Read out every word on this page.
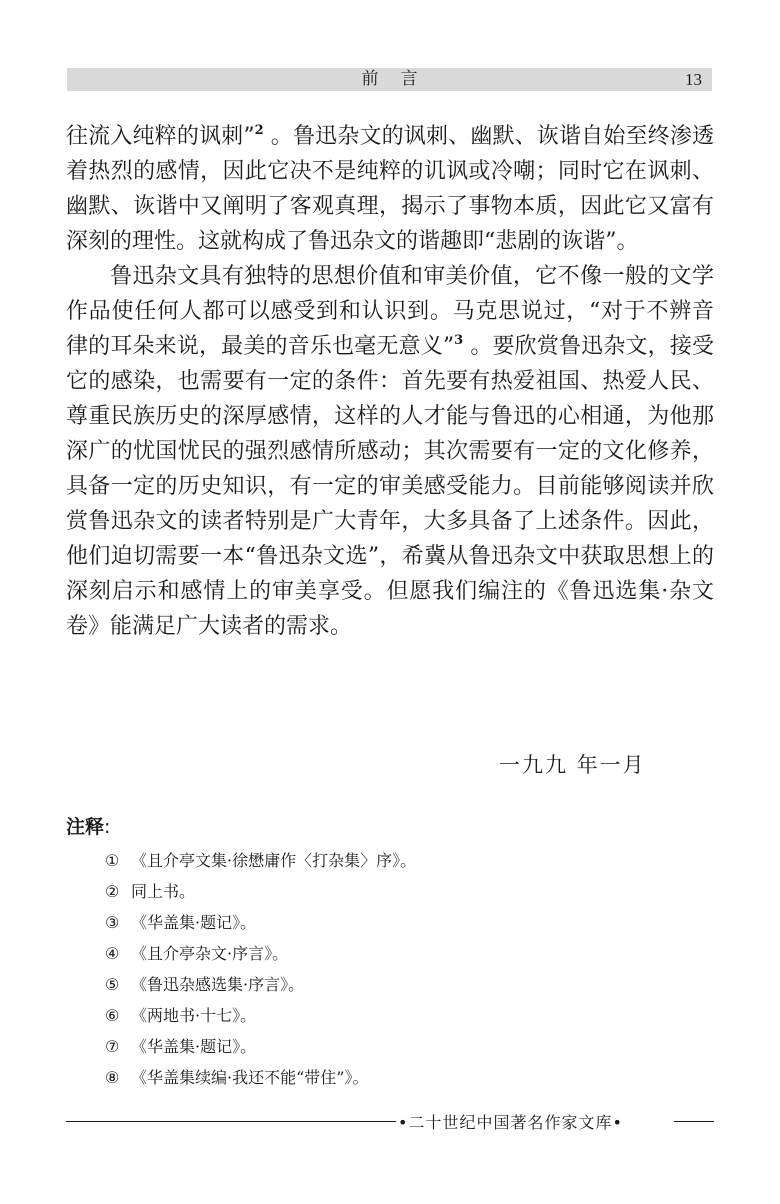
前言	13

往流入纯粹的讽刺”$^2$ 。鲁迅杂文的讽刺、幽默、诙谐自始至终渗透着热烈的感情，因此它决不是纯粹的讥讽或冷嘲；同时它在讽刺、幽默、诙谐中又阐明了客观真理，揭示了事物本质，因此它又富有深刻的理性。这就构成了鲁迅杂文的谐趣即“悲剧的诙谐”。

鲁迅杂文具有独特的思想价值和审美价值，它不像一般的文学作品使任何人都可以感受到和认识到。马克思说过，“对于不辨音律的耳朵来说，最美的音乐也毫无意义”$^3$ 。要欣赏鲁迅杂文，接受它的感染，也需要有一定的条件：首先要有热爱祖国、热爱人民、尊重民族历史的深厚感情，这样的人才能与鲁迅的心相通，为他那深广的忧国忧民的强烈感情所感动；其次需要有一定的文化修养，具备一定的历史知识，有一定的审美感受能力。目前能够阅读并欣赏鲁迅杂文的读者特别是广大青年，大多具备了上述条件。因此，他们迫切需要一本“鲁迅杂文选”，希冀从鲁迅杂文中获取思想上的深刻启示和感情上的审美享受。但愿我们编注的《鲁迅选集·杂文卷》能满足广大读者的需求。

一九九 年一月
注释:
① 《且介亭文集·徐懋庸作〈打杂集〉序》。
② 同上书。
③ 《华盖集·题记》。
④ 《且介亭杂文·序言》。
⑤ 《鲁迅杂感选集·序言》。
⑥ 《两地书·十七》。
⑦ 《华盖集·题记》。
⑧ 《华盖集续编·我还不能“带住”》。
•二十世纪中国著名作家文库•
